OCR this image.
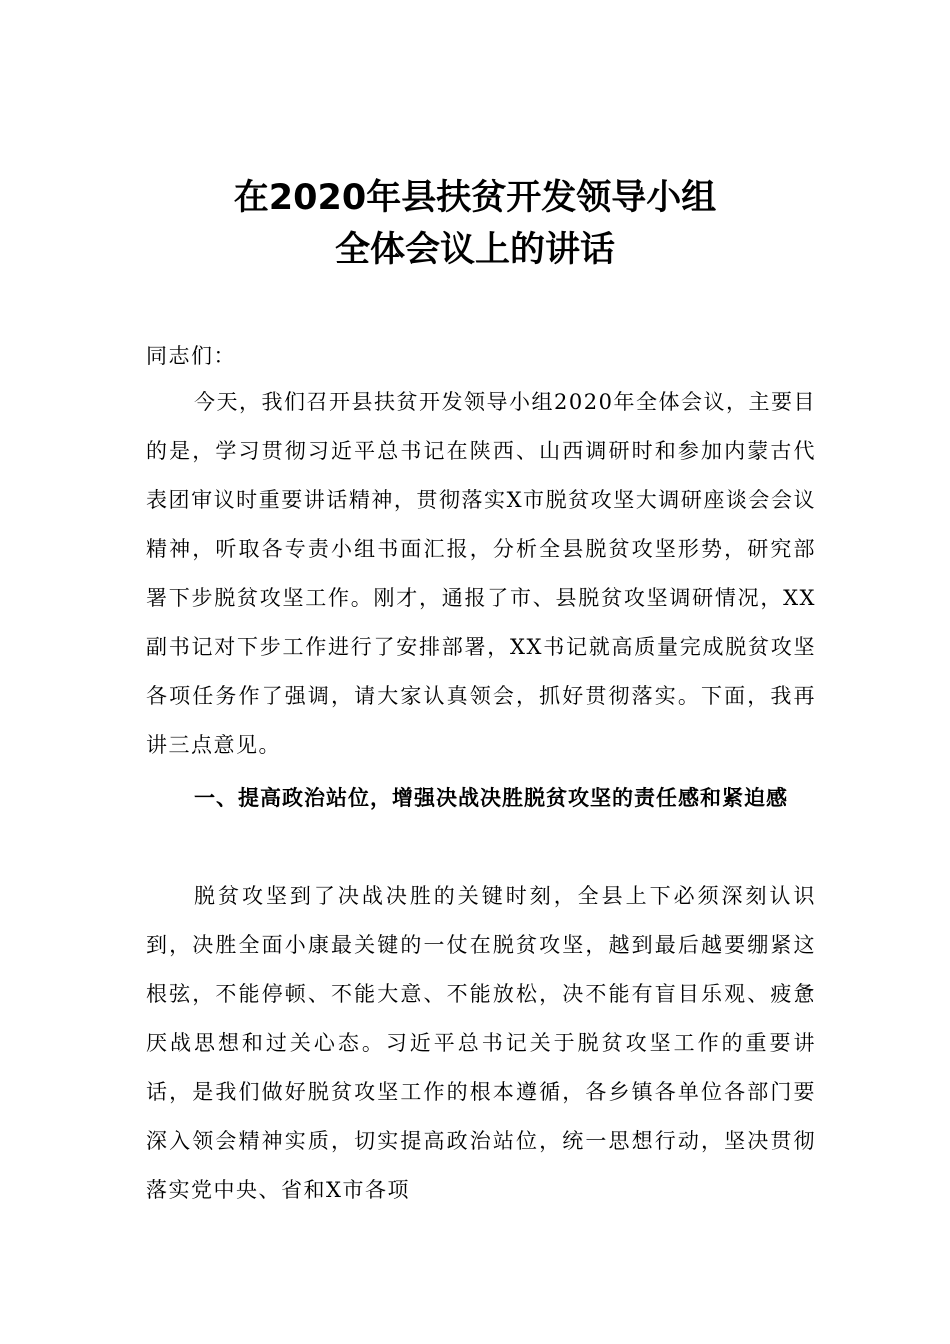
在2020年县扶贫开发领导小组
全体会议上的讲话
同志们：
今天，我们召开县扶贫开发领导小组2020年全体会议，主要目的是，学习贯彻习近平总书记在陕西、山西调研时和参加内蒙古代表团审议时重要讲话精神，贯彻落实X市脱贫攻坚大调研座谈会会议精神，听取各专责小组书面汇报，分析全县脱贫攻坚形势，研究部署下步脱贫攻坚工作。刚才，通报了市、县脱贫攻坚调研情况，XX副书记对下步工作进行了安排部署，XX书记就高质量完成脱贫攻坚各项任务作了强调，请大家认真领会，抓好贯彻落实。下面，我再讲三点意见。
一、提高政治站位，增强决战决胜脱贫攻坚的责任感和紧迫感
脱贫攻坚到了决战决胜的关键时刻，全县上下必须深刻认识到，决胜全面小康最关键的一仗在脱贫攻坚，越到最后越要绷紧这根弦，不能停顿、不能大意、不能放松，决不能有盲目乐观、疲惫厌战思想和过关心态。习近平总书记关于脱贫攻坚工作的重要讲话，是我们做好脱贫攻坚工作的根本遵循，各乡镇各单位各部门要深入领会精神实质，切实提高政治站位，统一思想行动，坚决贯彻落实党中央、省和X市各项
